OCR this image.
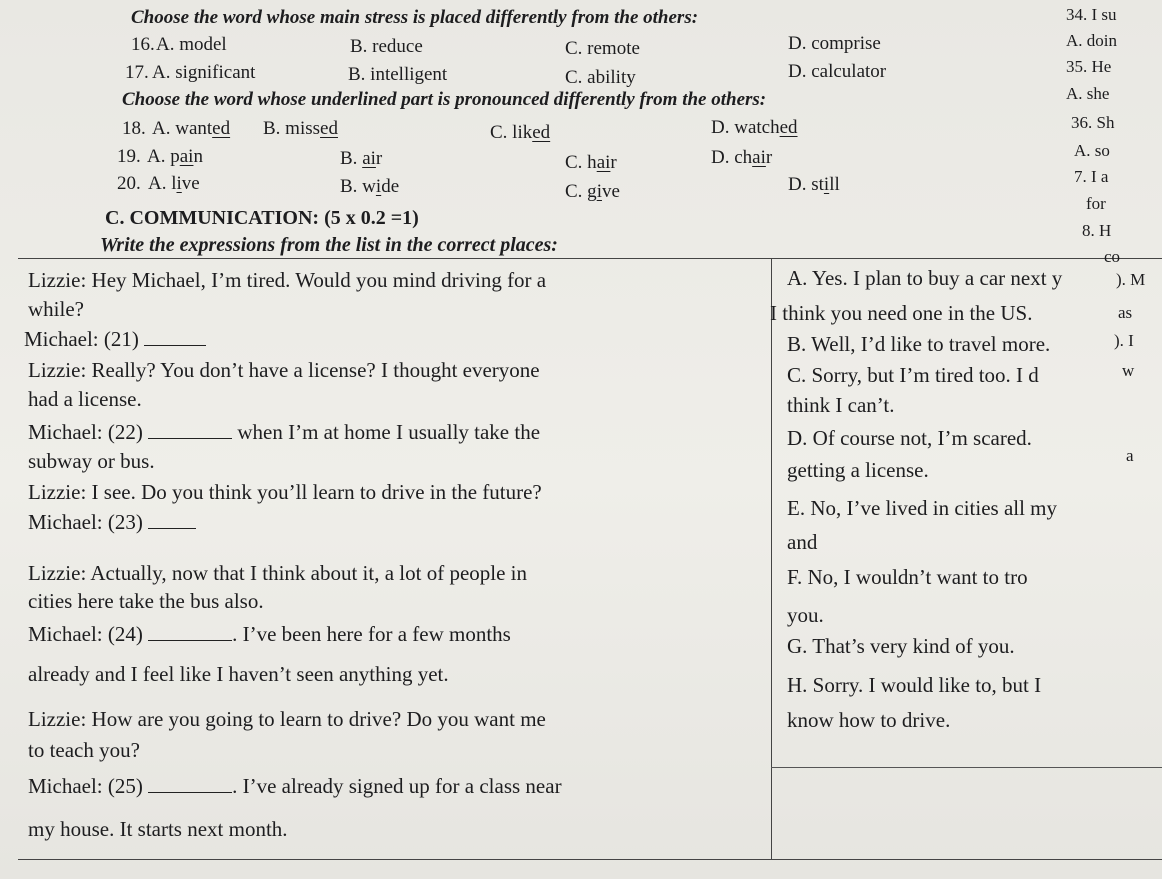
Choose the word whose main stress is placed differently from the others:
16. A. model	B. reduce	C. remote	D. comprise
17. A. significant	B. intelligent	C. ability	D. calculator
Choose the word whose underlined part is pronounced differently from the others:
18. A. wanted B. missed	C. liked	D. watched
19. A. pain	B. air	C. hair	D. chair
20. A. live	B. wide	C. give	D. still
C. COMMUNICATION: (5 x 0.2 =1)
Write the expressions from the list in the correct places:
Lizzie: Hey Michael, I’m tired. Would you mind driving for a
while?
Michael: (21)
Lizzie: Really? You don’t have a license? I thought everyone
had a license.
Michael: (22)	when I’m at home I usually take the
subway or bus.
Lizzie: I see. Do you think you’ll learn to drive in the future?
Michael: (23)
Lizzie: Actually, now that I think about it, a lot of people in
cities here take the bus also.
Michael: (24)	. I’ve been here for a few months
already and I feel like I haven’t seen anything yet.
Lizzie: How are you going to learn to drive? Do you want me
to teach you?
Michael: (25)	. I’ve already signed up for a class near
my house. It starts next month.
A. Yes. I plan to buy a car next y
I think you need one in the US.
B. Well, I’d like to travel more.
C. Sorry, but I’m tired too. I d
think I can’t.
D. Of course not, I’m scared.
getting a license.
E. No, I’ve lived in cities all my
and
F. No, I wouldn’t want to tro
you.
G. That’s very kind of you.
H. Sorry. I would like to, but I
know how to drive.
34. I su
A. doin
35. He
A. she
36. Sh
A. so
7. I a
for
8. H
co
). M
as
). I
w
a
